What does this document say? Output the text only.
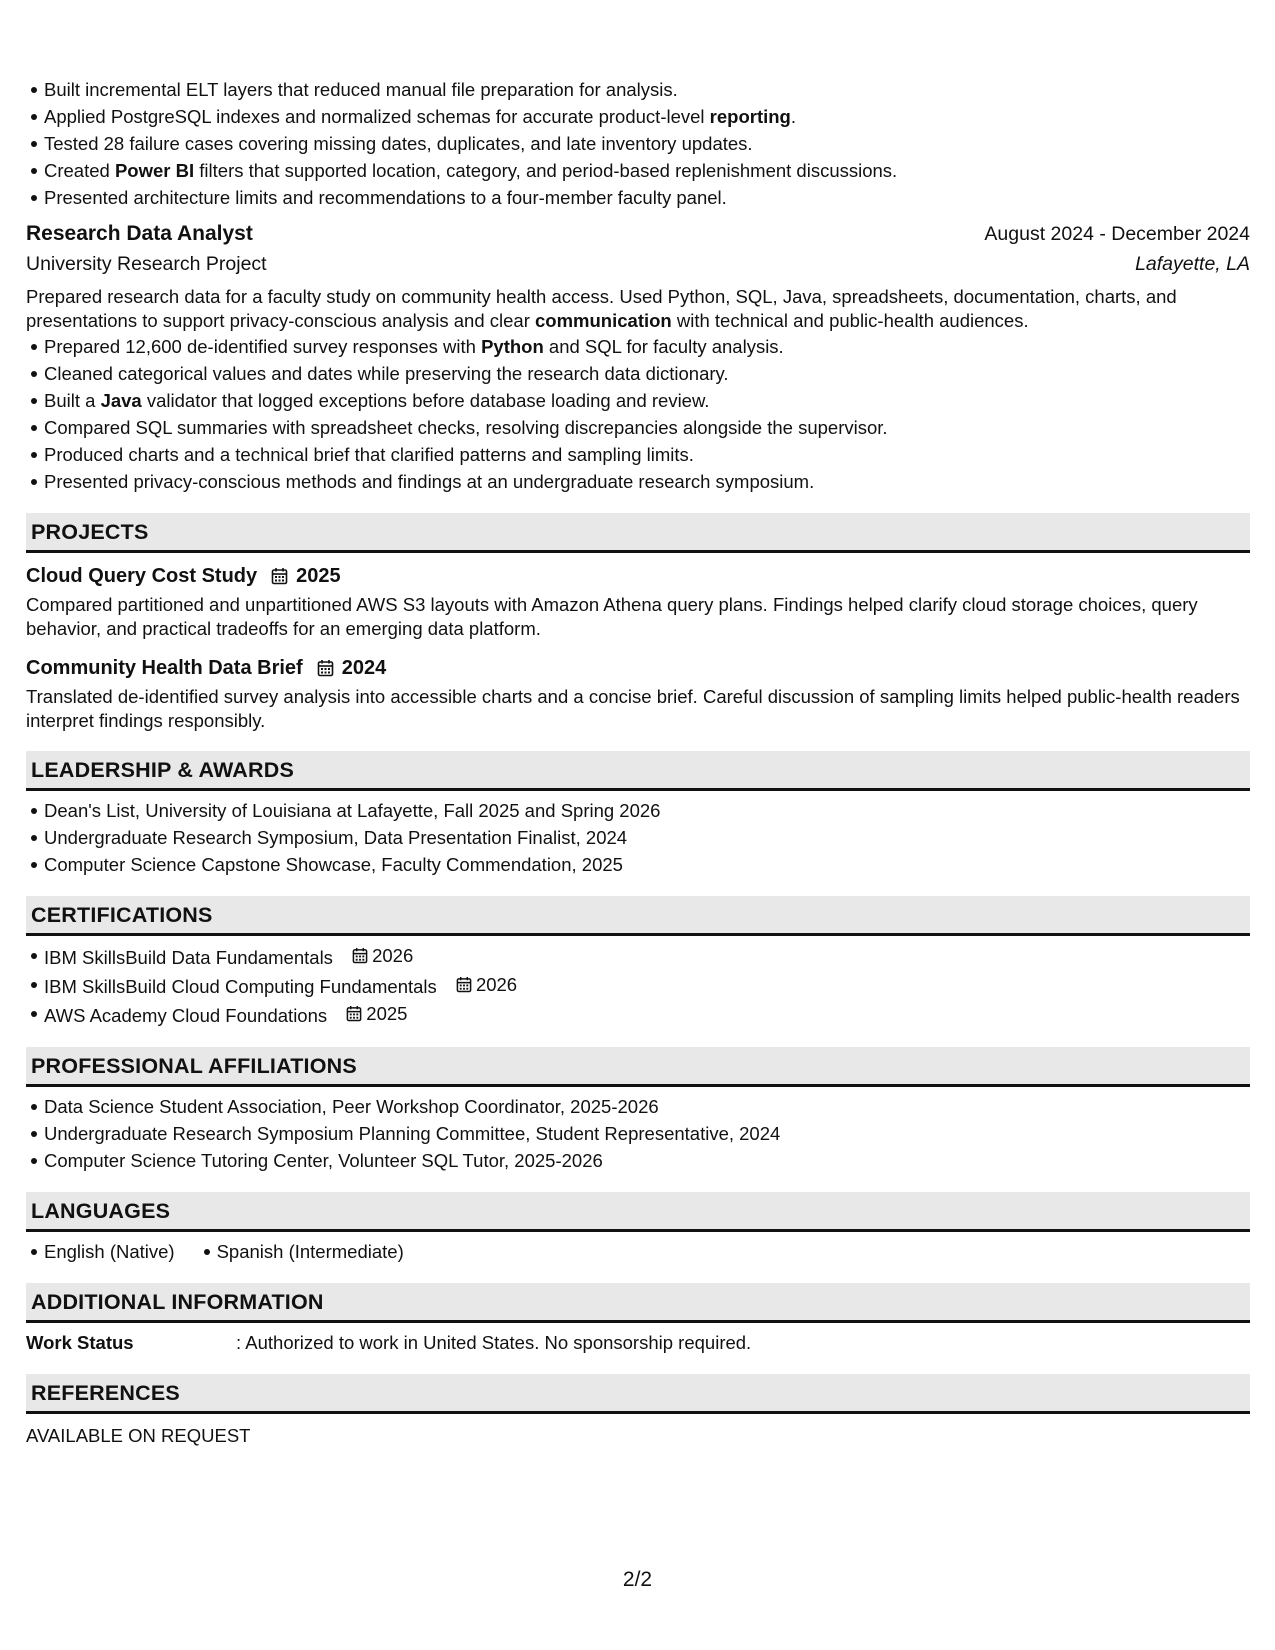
Built incremental ELT layers that reduced manual file preparation for analysis.
Applied PostgreSQL indexes and normalized schemas for accurate product-level reporting.
Tested 28 failure cases covering missing dates, duplicates, and late inventory updates.
Created Power BI filters that supported location, category, and period-based replenishment discussions.
Presented architecture limits and recommendations to a four-member faculty panel.
Research Data Analyst	August 2024 - December 2024
University Research Project	Lafayette, LA
Prepared research data for a faculty study on community health access. Used Python, SQL, Java, spreadsheets, documentation, charts, and presentations to support privacy-conscious analysis and clear communication with technical and public-health audiences.
Prepared 12,600 de-identified survey responses with Python and SQL for faculty analysis.
Cleaned categorical values and dates while preserving the research data dictionary.
Built a Java validator that logged exceptions before database loading and review.
Compared SQL summaries with spreadsheet checks, resolving discrepancies alongside the supervisor.
Produced charts and a technical brief that clarified patterns and sampling limits.
Presented privacy-conscious methods and findings at an undergraduate research symposium.
PROJECTS
Cloud Query Cost Study 2025
Compared partitioned and unpartitioned AWS S3 layouts with Amazon Athena query plans. Findings helped clarify cloud storage choices, query behavior, and practical tradeoffs for an emerging data platform.
Community Health Data Brief 2024
Translated de-identified survey analysis into accessible charts and a concise brief. Careful discussion of sampling limits helped public-health readers interpret findings responsibly.
LEADERSHIP & AWARDS
Dean's List, University of Louisiana at Lafayette, Fall 2025 and Spring 2026
Undergraduate Research Symposium, Data Presentation Finalist, 2024
Computer Science Capstone Showcase, Faculty Commendation, 2025
CERTIFICATIONS
IBM SkillsBuild Data Fundamentals 2026
IBM SkillsBuild Cloud Computing Fundamentals 2026
AWS Academy Cloud Foundations 2025
PROFESSIONAL AFFILIATIONS
Data Science Student Association, Peer Workshop Coordinator, 2025-2026
Undergraduate Research Symposium Planning Committee, Student Representative, 2024
Computer Science Tutoring Center, Volunteer SQL Tutor, 2025-2026
LANGUAGES
English (Native)	Spanish (Intermediate)
ADDITIONAL INFORMATION
Work Status	: Authorized to work in United States. No sponsorship required.
REFERENCES
AVAILABLE ON REQUEST
2/2
